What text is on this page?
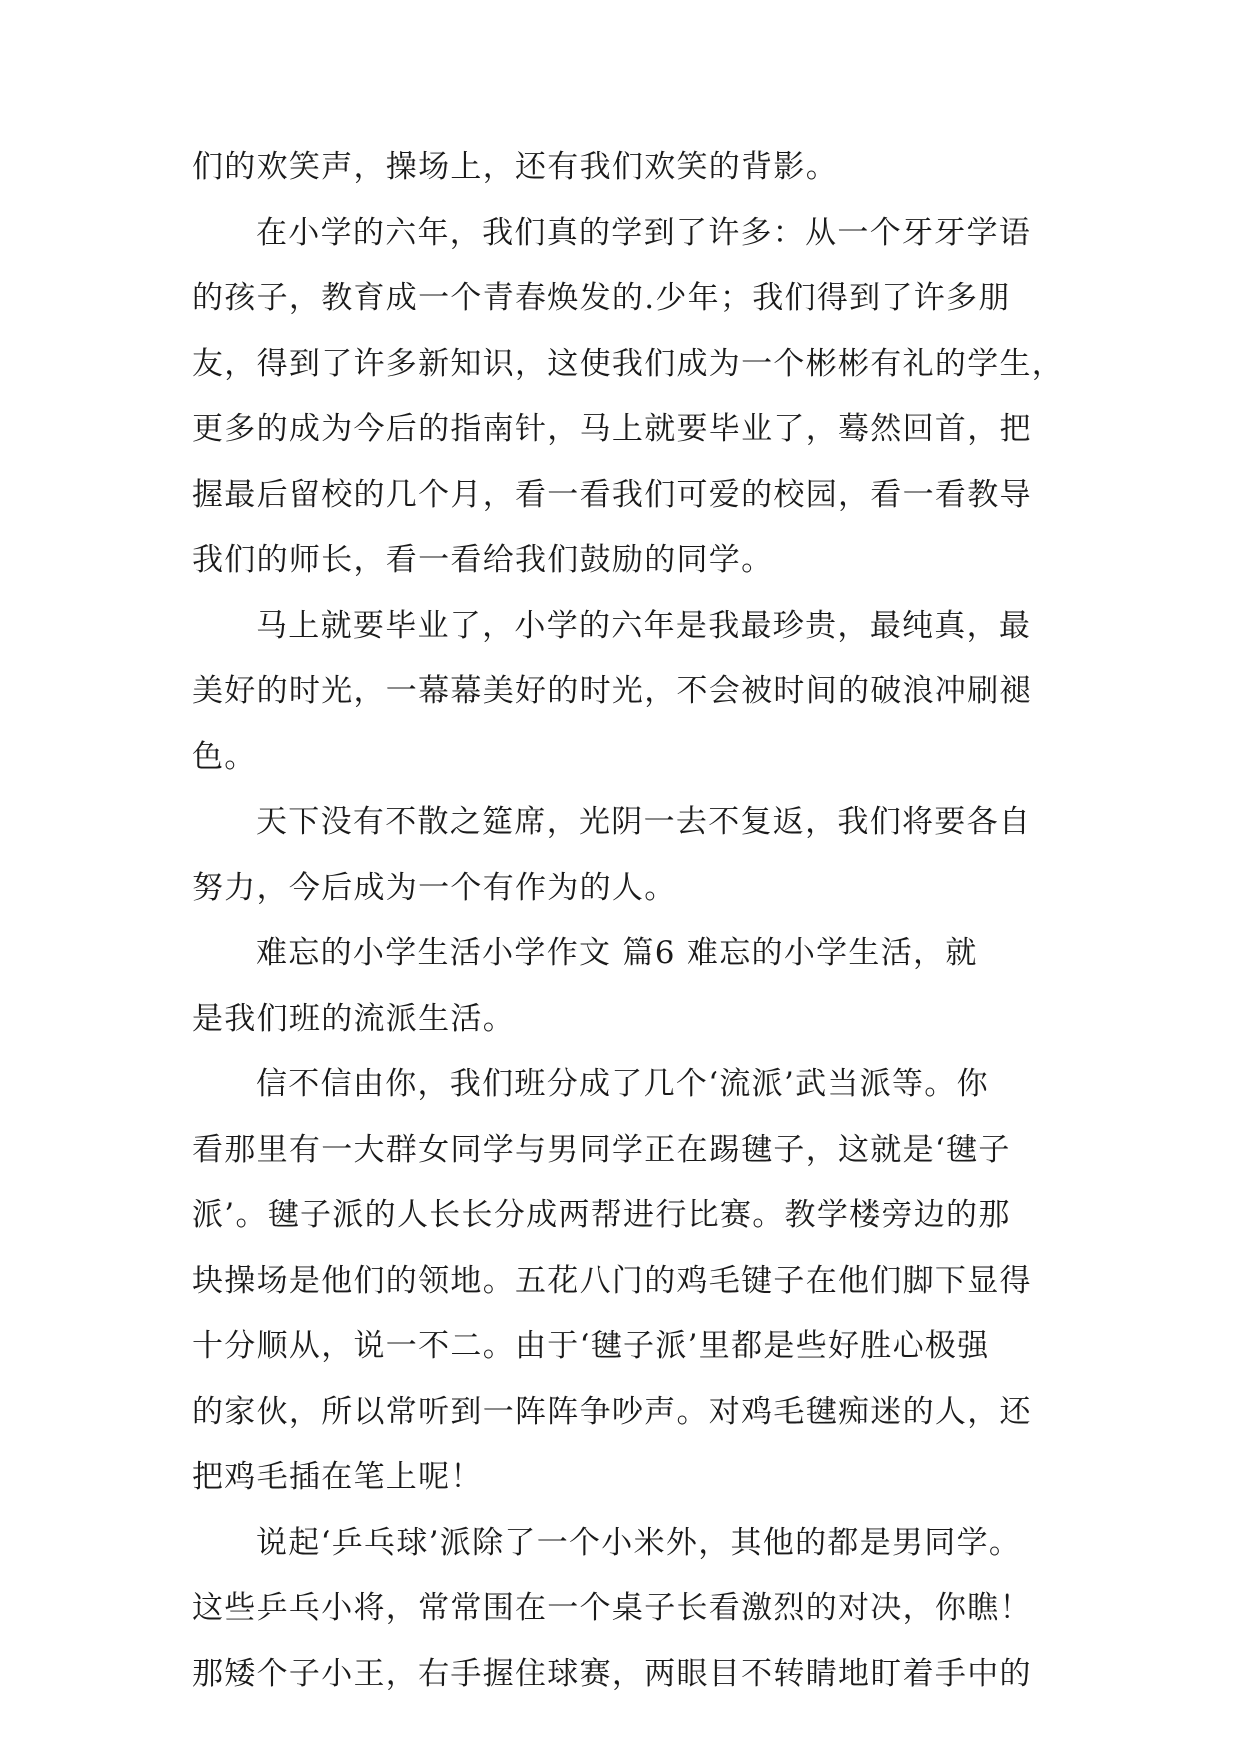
们的欢笑声，操场上，还有我们欢笑的背影。
在小学的六年，我们真的学到了许多：从一个牙牙学语
的孩子，教育成一个青春焕发的.少年；我们得到了许多朋
友，得到了许多新知识，这使我们成为一个彬彬有礼的学生，
更多的成为今后的指南针，马上就要毕业了，蓦然回首，把
握最后留校的几个月，看一看我们可爱的校园，看一看教导
我们的师长，看一看给我们鼓励的同学。
马上就要毕业了，小学的六年是我最珍贵，最纯真，最
美好的时光，一幕幕美好的时光，不会被时间的破浪冲刷褪
色。
天下没有不散之筵席，光阴一去不复返，我们将要各自
努力，今后成为一个有作为的人。
难忘的小学生活小学作文 篇6 难忘的小学生活，就
是我们班的流派生活。
信不信由你，我们班分成了几个‘流派’武当派等。你
看那里有一大群女同学与男同学正在踢毽子，这就是‘毽子
派’。毽子派的人长长分成两帮进行比赛。教学楼旁边的那
块操场是他们的领地。五花八门的鸡毛键子在他们脚下显得
十分顺从，说一不二。由于‘毽子派’里都是些好胜心极强
的家伙，所以常听到一阵阵争吵声。对鸡毛毽痴迷的人，还
把鸡毛插在笔上呢！
说起‘乒乓球’派除了一个小米外，其他的都是男同学。
这些乒乓小将，常常围在一个桌子长看激烈的对决，你瞧！
那矮个子小王，右手握住球赛，两眼目不转睛地盯着手中的
